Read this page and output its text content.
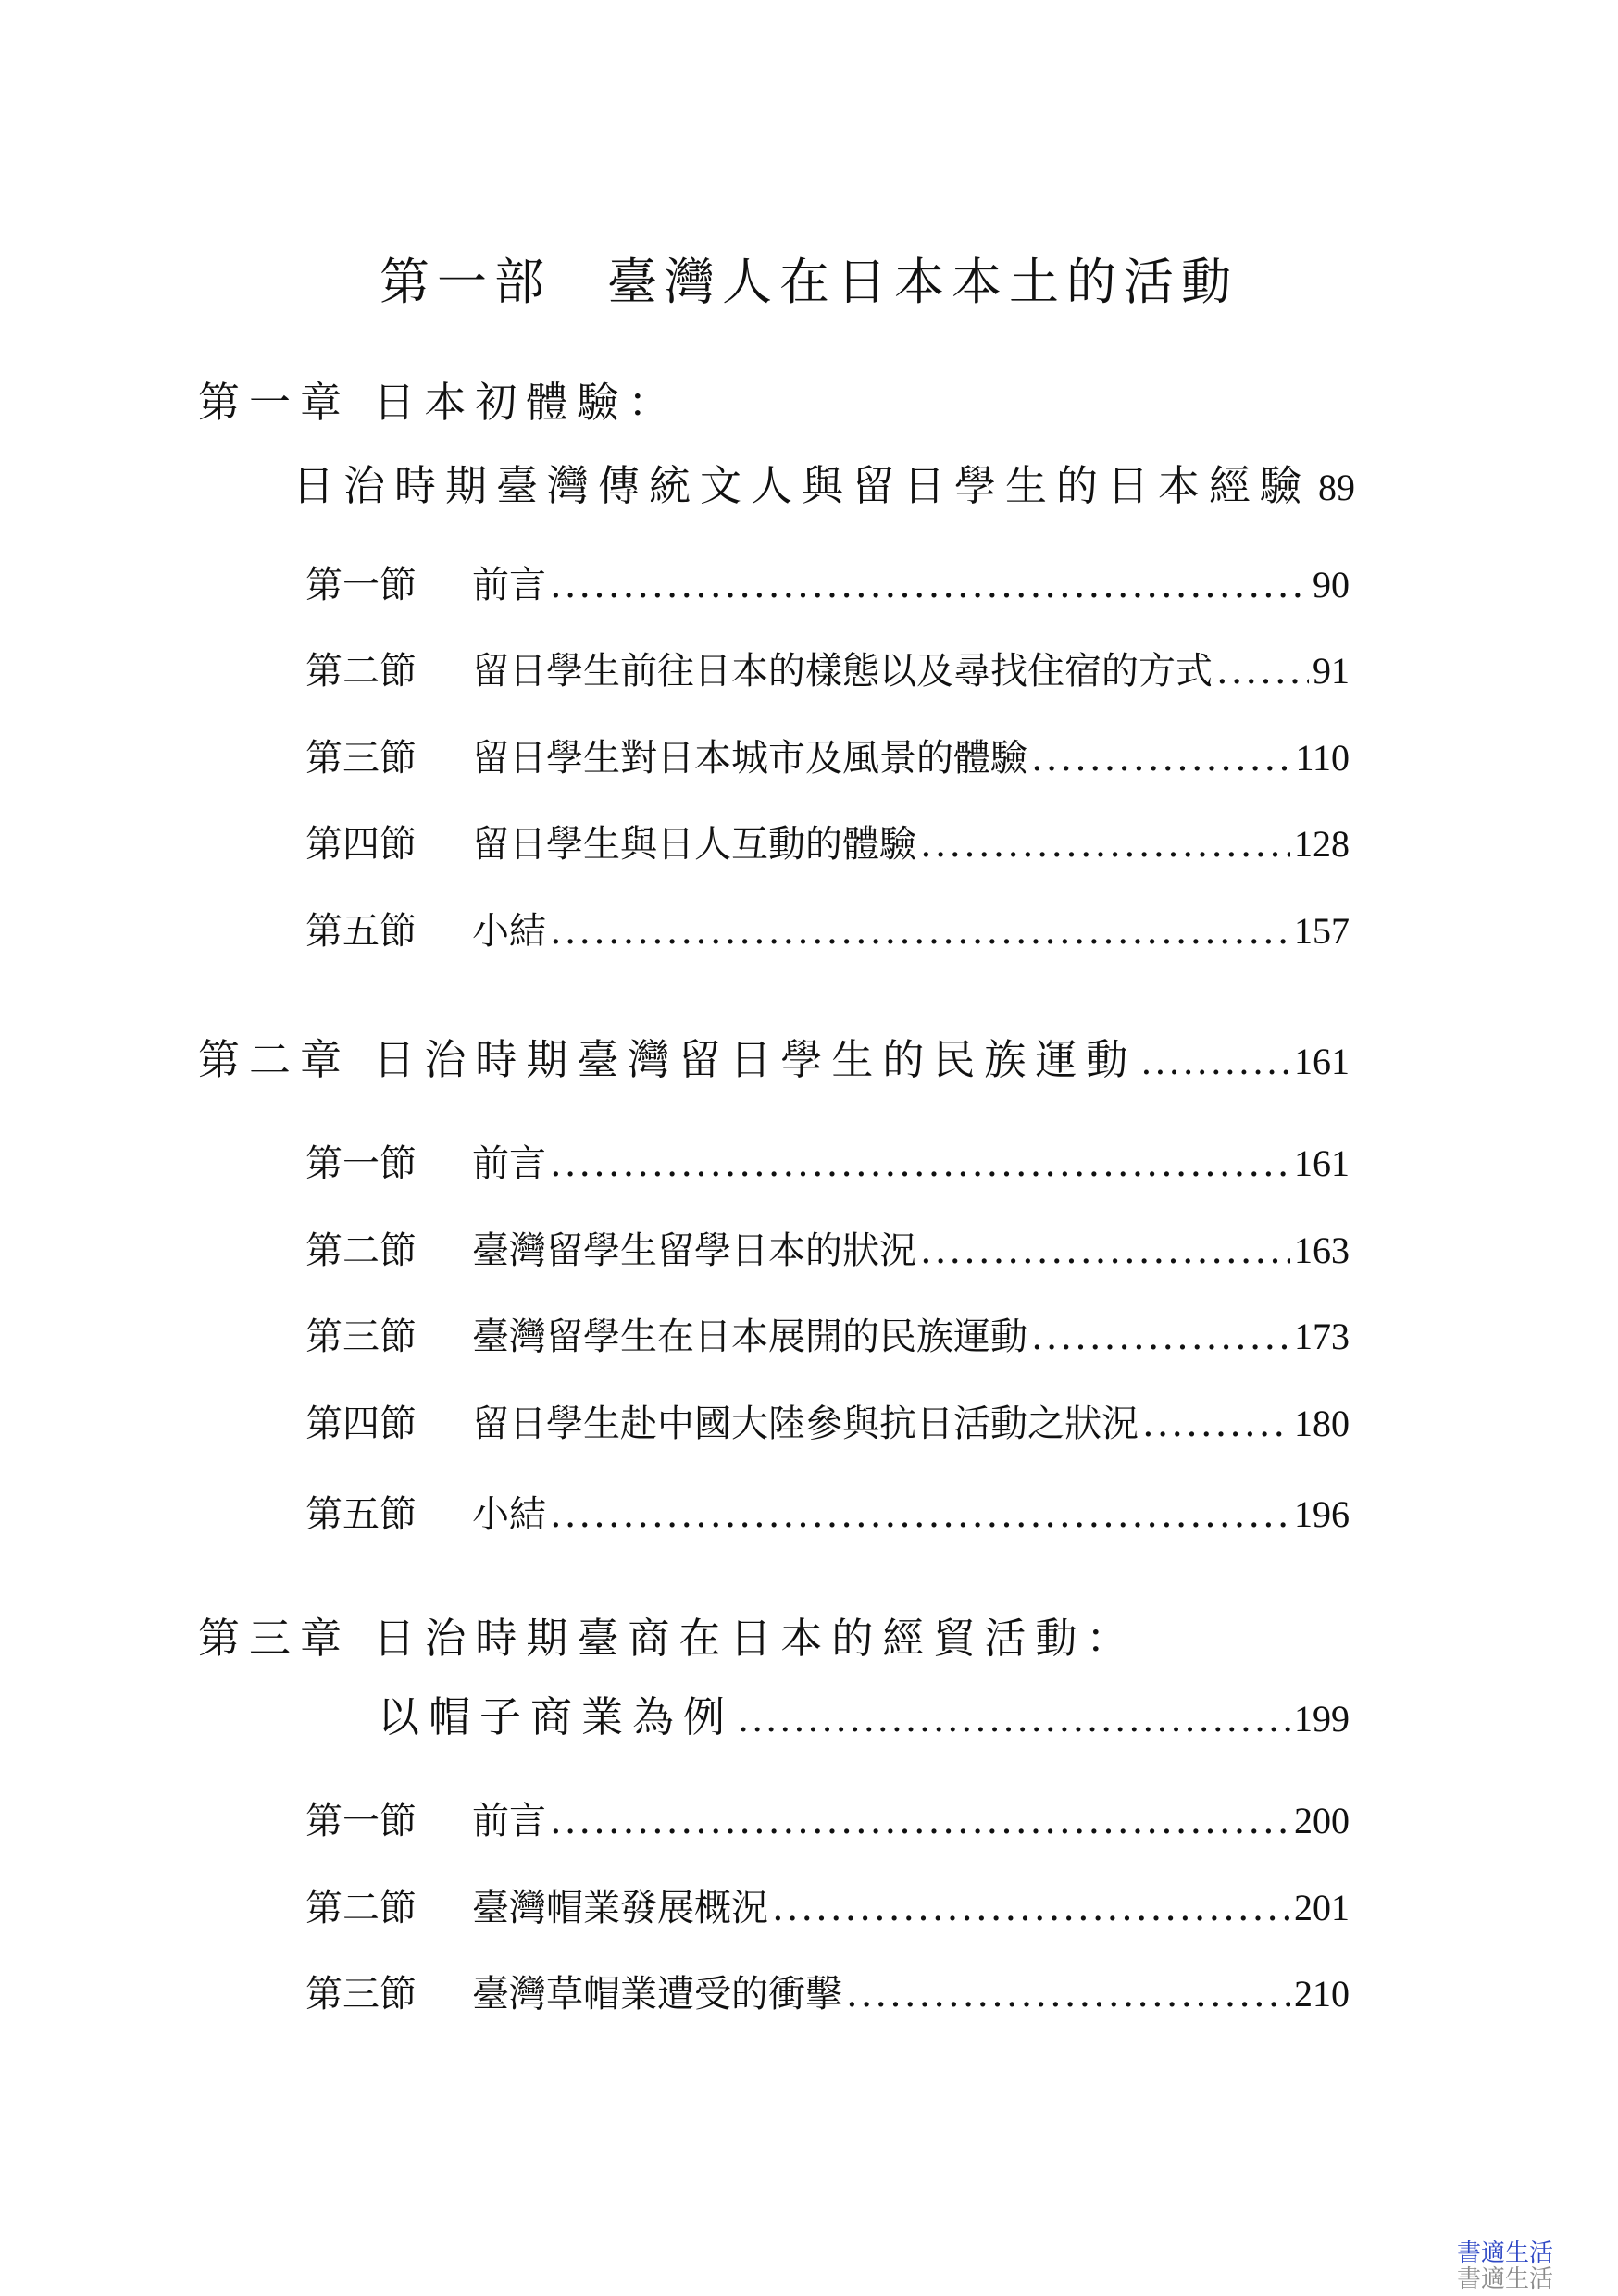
第一部 臺灣人在日本本土的活動
第一章 日本初體驗：
日治時期臺灣傳統文人與留日學生的日本經驗 89
第一節	前言 .....	90
第二節	留日學生前往日本的樣態以及尋找住宿的方式 .....	91
第三節	留日學生對日本城市及風景的體驗 .....	110
第四節	留日學生與日人互動的體驗 .....	128
第五節	小結 .....	157
第二章
日治時期臺灣留日學生的民族運動 .....	161
第一節	前言 .....	161
第二節	臺灣留學生留學日本的狀況 .....	163
第三節	臺灣留學生在日本展開的民族運動 .....	173
第四節	留日學生赴中國大陸參與抗日活動之狀況 .....	180
第五節	小結 .....	196
第三章 日治時期臺商在日本的經貿活動：
以帽子商業為例 .....	199
第一節	前言 .....	200
第二節	臺灣帽業發展概況 .....	201
第三節	臺灣草帽業遭受的衝擊 .....	210
書適生活
書適生活
